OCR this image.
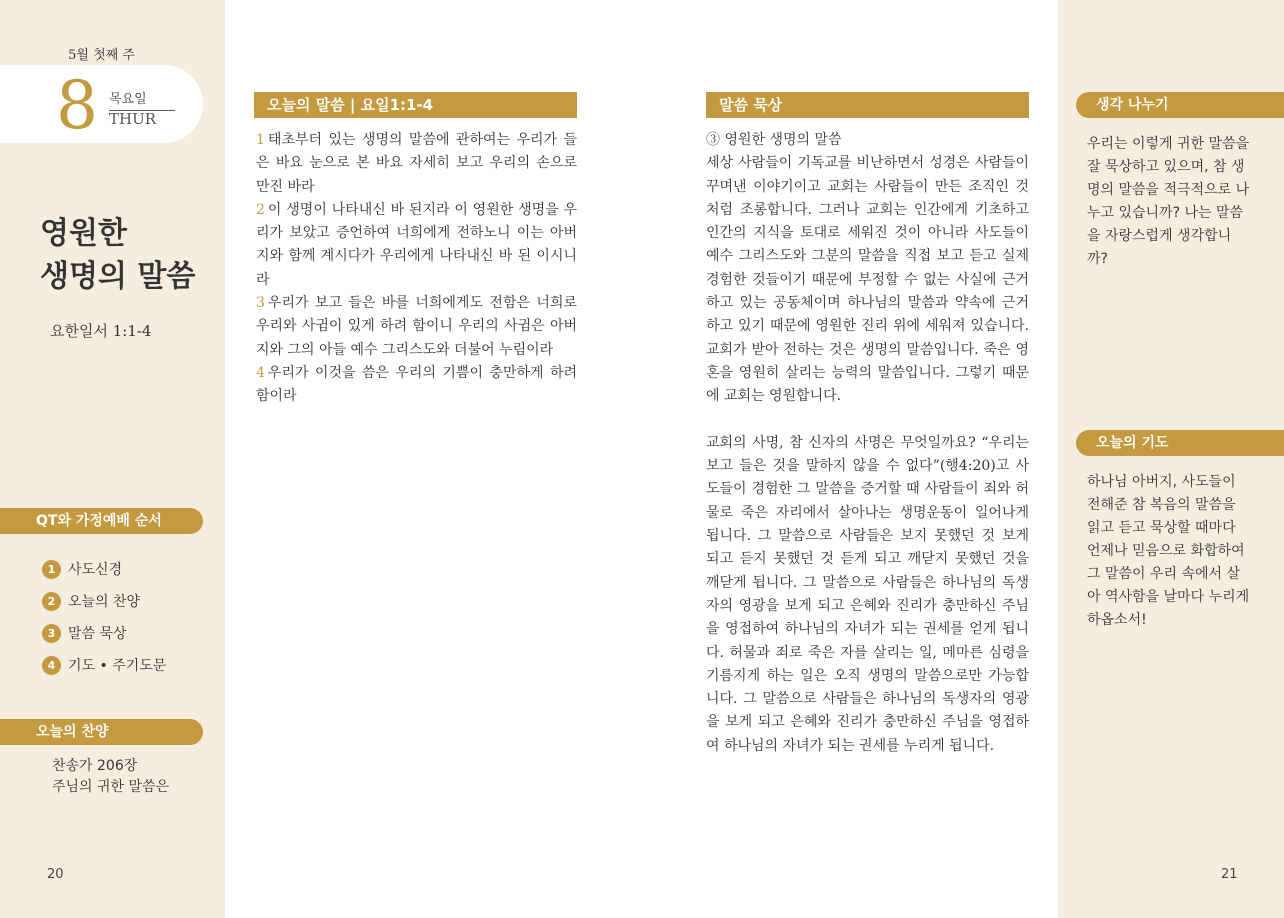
5월 첫째 주
8 목요일
THUR
영원한
생명의 말씀
요한일서 1:1-4
QT와 가정예배 순서
1 사도신경
2 오늘의 찬양
3 말씀 묵상
4 기도 • 주기도문
오늘의 찬양
찬송가 206장
주님의 귀한 말씀은
20
오늘의 말씀 | 요일1:1-4
1 태초부터 있는 생명의 말씀에 관하여는 우리가 들은 바요 눈으로 본 바요 자세히 보고 우리의 손으로 만진 바라
2 이 생명이 나타내신 바 된지라 이 영원한 생명을 우리가 보았고 증언하여 너희에게 전하노니 이는 아버지와 함께 계시다가 우리에게 나타내신 바 된 이시니라
3 우리가 보고 들은 바를 너희에게도 전함은 너희로 우리와 사귐이 있게 하려 함이니 우리의 사귐은 아버지와 그의 아들 예수 그리스도와 더불어 누림이라
4 우리가 이것을 씀은 우리의 기쁨이 충만하게 하려 함이라
말씀 묵상

③ 영원한 생명의 말씀
세상 사람들이 기독교를 비난하면서 성경은 사람들이 꾸며낸 이야기이고 교회는 사람들이 만든 조직인 것처럼 조롱합니다. 그러나 교회는 인간에게 기초하고 인간의 지식을 토대로 세워진 것이 아니라 사도들이 예수 그리스도와 그분의 말씀을 직접 보고 듣고 실제 경험한 것들이기 때문에 부정할 수 없는 사실에 근거하고 있는 공동체이며 하나님의 말씀과 약속에 근거하고 있기 때문에 영원한 진리 위에 세워져 있습니다. 교회가 받아 전하는 것은 생명의 말씀입니다. 죽은 영혼을 영원히 살리는 능력의 말씀입니다. 그렇기 때문에 교회는 영원합니다.

교회의 사명, 참 신자의 사명은 무엇일까요? “우리는 보고 들은 것을 말하지 않을 수 없다”(행4:20)고 사도들이 경험한 그 말씀을 증거할 때 사람들이 죄와 허물로 죽은 자리에서 살아나는 생명운동이 일어나게 됩니다. 그 말씀으로 사람들은 보지 못했던 것 보게 되고 듣지 못했던 것 듣게 되고 깨닫지 못했던 것을 깨닫게 됩니다. 그 말씀으로 사람들은 하나님의 독생자의 영광을 보게 되고 은혜와 진리가 충만하신 주님을 영접하여 하나님의 자녀가 되는 권세를 얻게 됩니다. 허물과 죄로 죽은 자를 살리는 일, 메마른 심령을 기름지게 하는 일은 오직 생명의 말씀으로만 가능합니다. 그 말씀으로 사람들은 하나님의 독생자의 영광을 보게 되고 은혜와 진리가 충만하신 주님을 영접하여 하나님의 자녀가 되는 권세를 누리게 됩니다.

생각 나누기
우리는 이렇게 귀한 말씀을 잘 묵상하고 있으며, 참 생명의 말씀을 적극적으로 나누고 있습니까? 나는 말씀을 자랑스럽게 생각합니까?
오늘의 기도
하나님 아버지, 사도들이 전해준 참 복음의 말씀을 읽고 듣고 묵상할 때마다 언제나 믿음으로 화합하여 그 말씀이 우리 속에서 살아 역사함을 날마다 누리게 하옵소서!
21
